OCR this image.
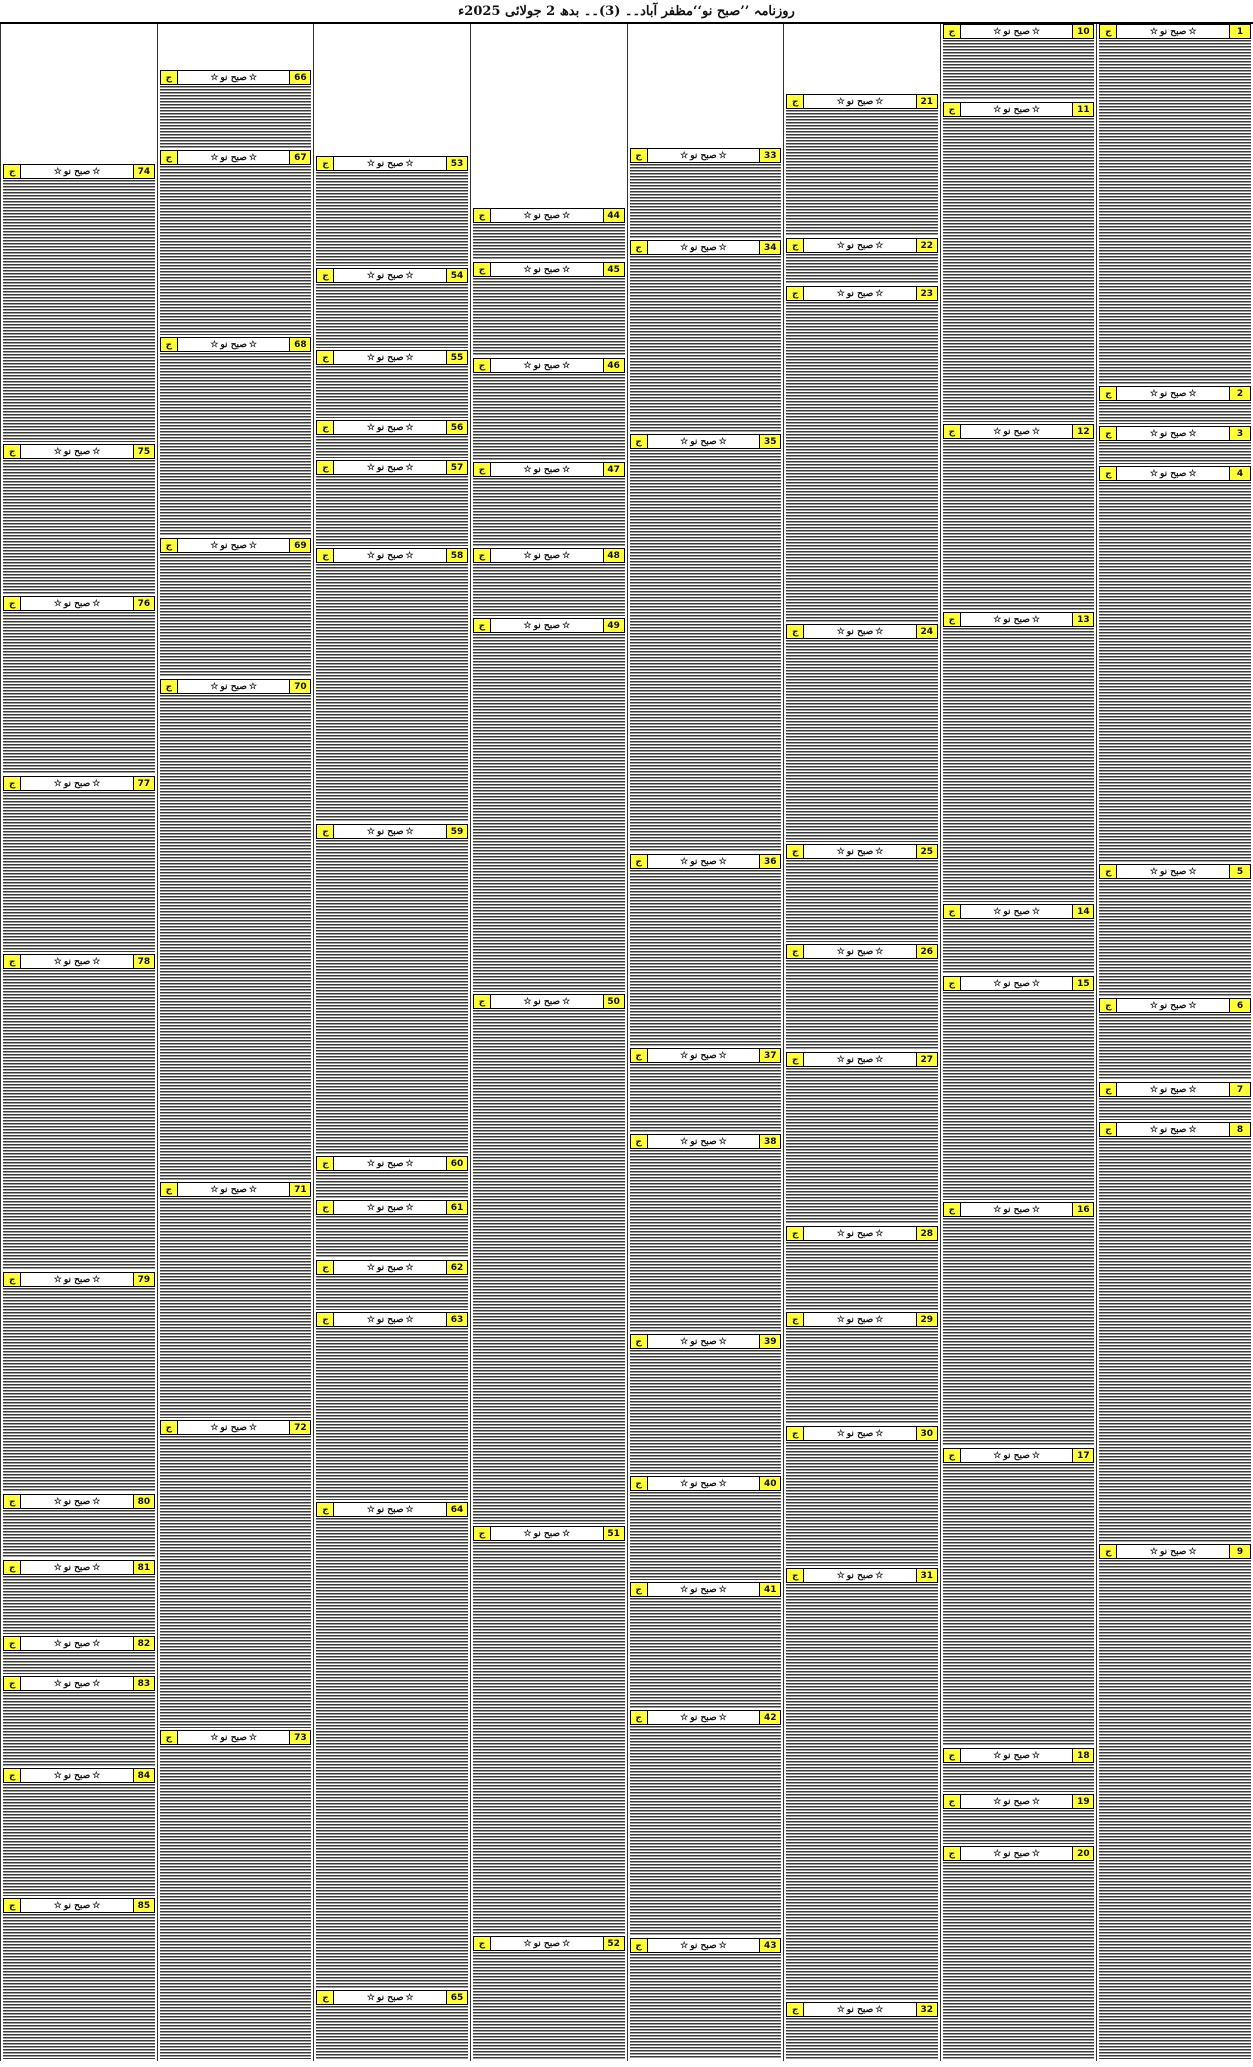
روزنامہ ’’صبح نو‘‘مظفر آباد۔۔ (3)۔۔ بدھ 2 جولائی 2025ء
1
☆
صبح نو
☆
ج
2
☆
صبح نو
☆
ج
3
☆
صبح نو
☆
ج
4
☆
صبح نو
☆
ج
5
☆
صبح نو
☆
ج
6
☆
صبح نو
☆
ج
7
☆
صبح نو
☆
ج
8
☆
صبح نو
☆
ج
9
☆
صبح نو
☆
ج
10
☆
صبح نو
☆
ج
11
☆
صبح نو
☆
ج
12
☆
صبح نو
☆
ج
13
☆
صبح نو
☆
ج
14
☆
صبح نو
☆
ج
15
☆
صبح نو
☆
ج
16
☆
صبح نو
☆
ج
17
☆
صبح نو
☆
ج
18
☆
صبح نو
☆
ج
19
☆
صبح نو
☆
ج
20
☆
صبح نو
☆
ج
21
☆
صبح نو
☆
ج
22
☆
صبح نو
☆
ج
23
☆
صبح نو
☆
ج
24
☆
صبح نو
☆
ج
25
☆
صبح نو
☆
ج
26
☆
صبح نو
☆
ج
27
☆
صبح نو
☆
ج
28
☆
صبح نو
☆
ج
29
☆
صبح نو
☆
ج
30
☆
صبح نو
☆
ج
31
☆
صبح نو
☆
ج
32
☆
صبح نو
☆
ج
33
☆
صبح نو
☆
ج
34
☆
صبح نو
☆
ج
35
☆
صبح نو
☆
ج
36
☆
صبح نو
☆
ج
37
☆
صبح نو
☆
ج
38
☆
صبح نو
☆
ج
39
☆
صبح نو
☆
ج
40
☆
صبح نو
☆
ج
41
☆
صبح نو
☆
ج
42
☆
صبح نو
☆
ج
43
☆
صبح نو
☆
ج
44
☆
صبح نو
☆
ج
45
☆
صبح نو
☆
ج
46
☆
صبح نو
☆
ج
47
☆
صبح نو
☆
ج
48
☆
صبح نو
☆
ج
49
☆
صبح نو
☆
ج
50
☆
صبح نو
☆
ج
51
☆
صبح نو
☆
ج
52
☆
صبح نو
☆
ج
53
☆
صبح نو
☆
ج
54
☆
صبح نو
☆
ج
55
☆
صبح نو
☆
ج
56
☆
صبح نو
☆
ج
57
☆
صبح نو
☆
ج
58
☆
صبح نو
☆
ج
59
☆
صبح نو
☆
ج
60
☆
صبح نو
☆
ج
61
☆
صبح نو
☆
ج
62
☆
صبح نو
☆
ج
63
☆
صبح نو
☆
ج
64
☆
صبح نو
☆
ج
65
☆
صبح نو
☆
ج
66
☆
صبح نو
☆
ج
67
☆
صبح نو
☆
ج
68
☆
صبح نو
☆
ج
69
☆
صبح نو
☆
ج
70
☆
صبح نو
☆
ج
71
☆
صبح نو
☆
ج
72
☆
صبح نو
☆
ج
73
☆
صبح نو
☆
ج
74
☆
صبح نو
☆
ج
75
☆
صبح نو
☆
ج
76
☆
صبح نو
☆
ج
77
☆
صبح نو
☆
ج
78
☆
صبح نو
☆
ج
79
☆
صبح نو
☆
ج
80
☆
صبح نو
☆
ج
81
☆
صبح نو
☆
ج
82
☆
صبح نو
☆
ج
83
☆
صبح نو
☆
ج
84
☆
صبح نو
☆
ج
85
☆
صبح نو
☆
ج
